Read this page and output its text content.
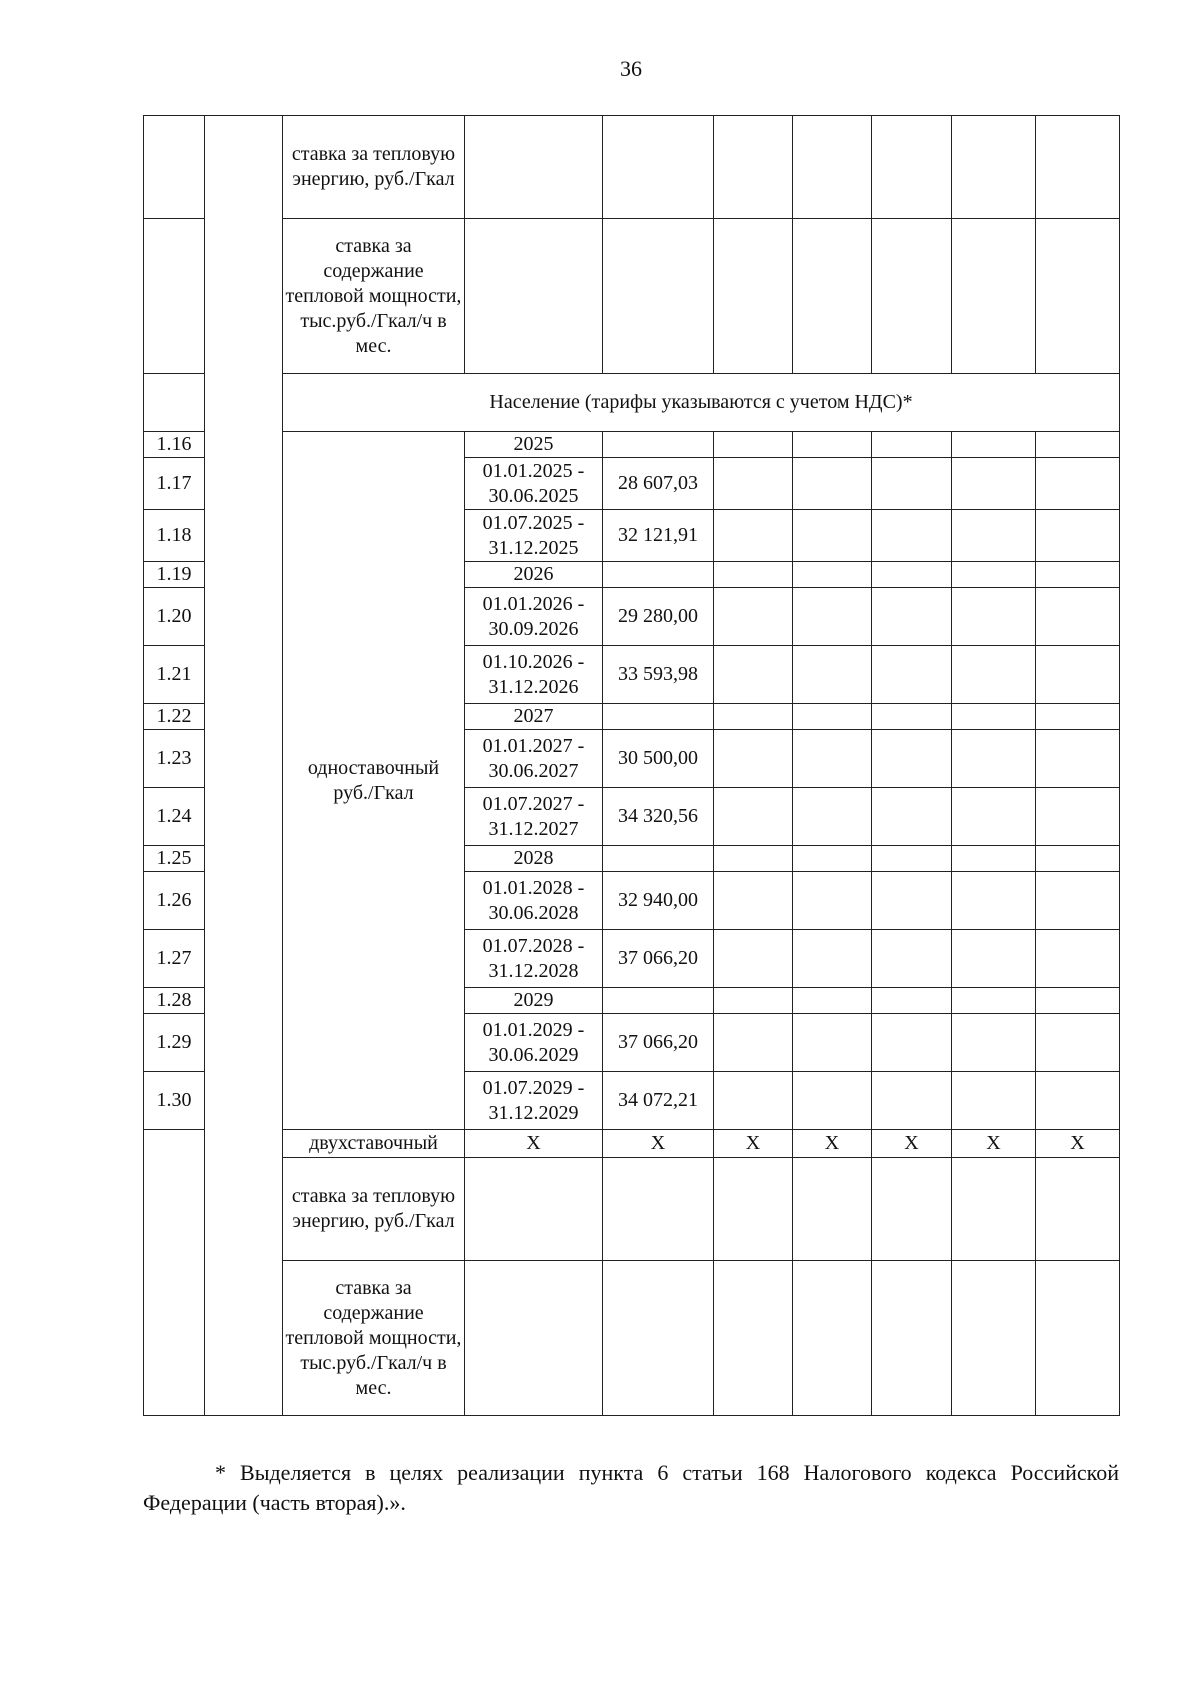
36
		ставка за тепловую энергию, руб./Гкал							
		ставка за содержание тепловой мощности, тыс.руб./Гкал/ч в мес.							
		Население (тарифы указываются с учетом НДС)*							
1.16		одноставочный руб./Гкал	2025						
1.17			01.01.2025 - 30.06.2025	28 607,03					
1.18			01.07.2025 - 31.12.2025	32 121,91					
1.19			2026						
1.20			01.01.2026 - 30.09.2026	29 280,00					
1.21			01.10.2026 - 31.12.2026	33 593,98					
1.22			2027						
1.23			01.01.2027 - 30.06.2027	30 500,00					
1.24			01.07.2027 - 31.12.2027	34 320,56					
1.25			2028						
1.26			01.01.2028 - 30.06.2028	32 940,00					
1.27			01.07.2028 - 31.12.2028	37 066,20					
1.28			2029						
1.29			01.01.2029 - 30.06.2029	37 066,20					
1.30			01.07.2029 - 31.12.2029	34 072,21					
		двухставочный	X	X	X	X	X	X	X
		ставка за тепловую энергию, руб./Гкал							
		ставка за содержание тепловой мощности, тыс.руб./Гкал/ч в мес.							
* Выделяется в целях реализации пункта 6 статьи 168 Налогового кодекса Российской Федерации (часть вторая).».
